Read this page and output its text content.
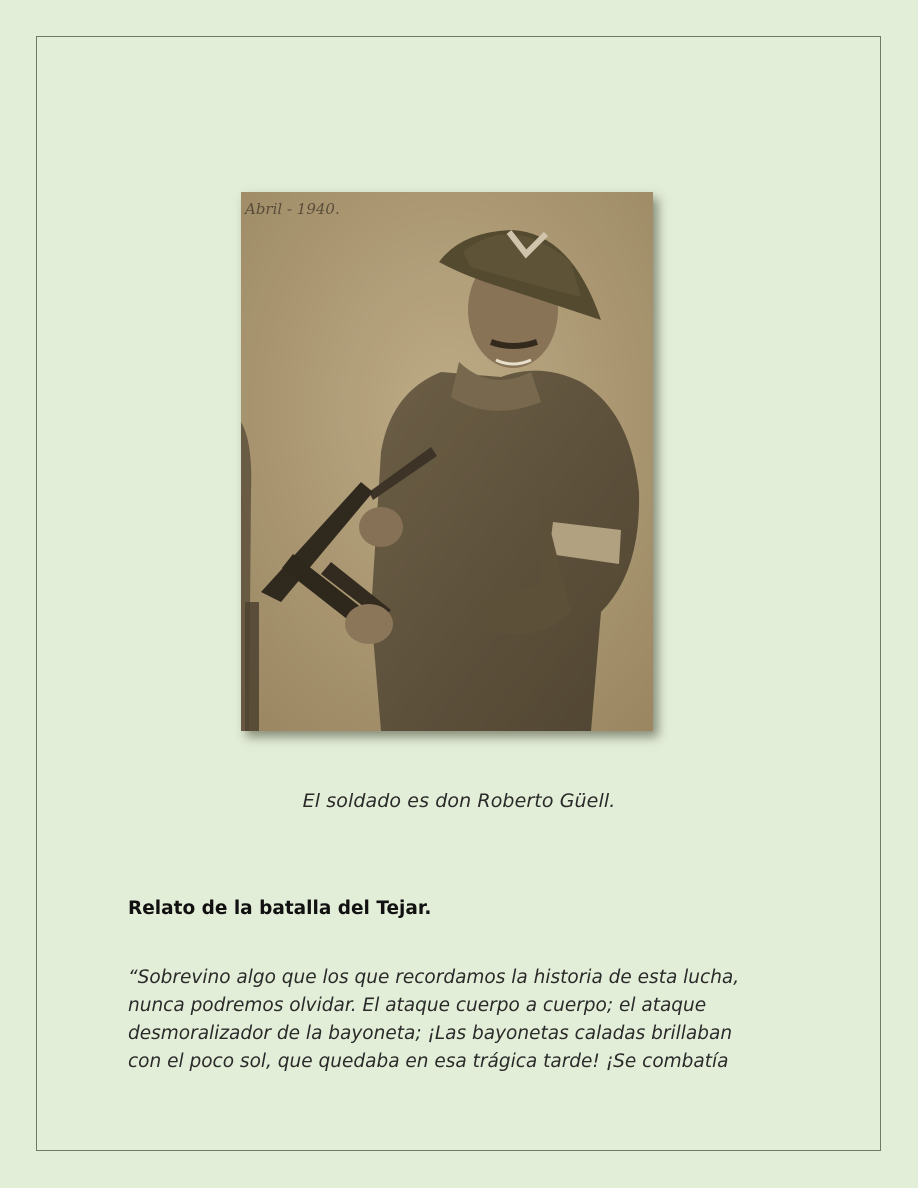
Abril - 1940.
El soldado es don Roberto Güell.
Relato de la batalla del Tejar.
“Sobrevino algo que los que recordamos la historia de esta lucha,
nunca podremos olvidar. El ataque cuerpo a cuerpo; el ataque
desmoralizador de la bayoneta; ¡Las bayonetas caladas brillaban
con el poco sol, que quedaba en esa trágica tarde! ¡Se combatía
